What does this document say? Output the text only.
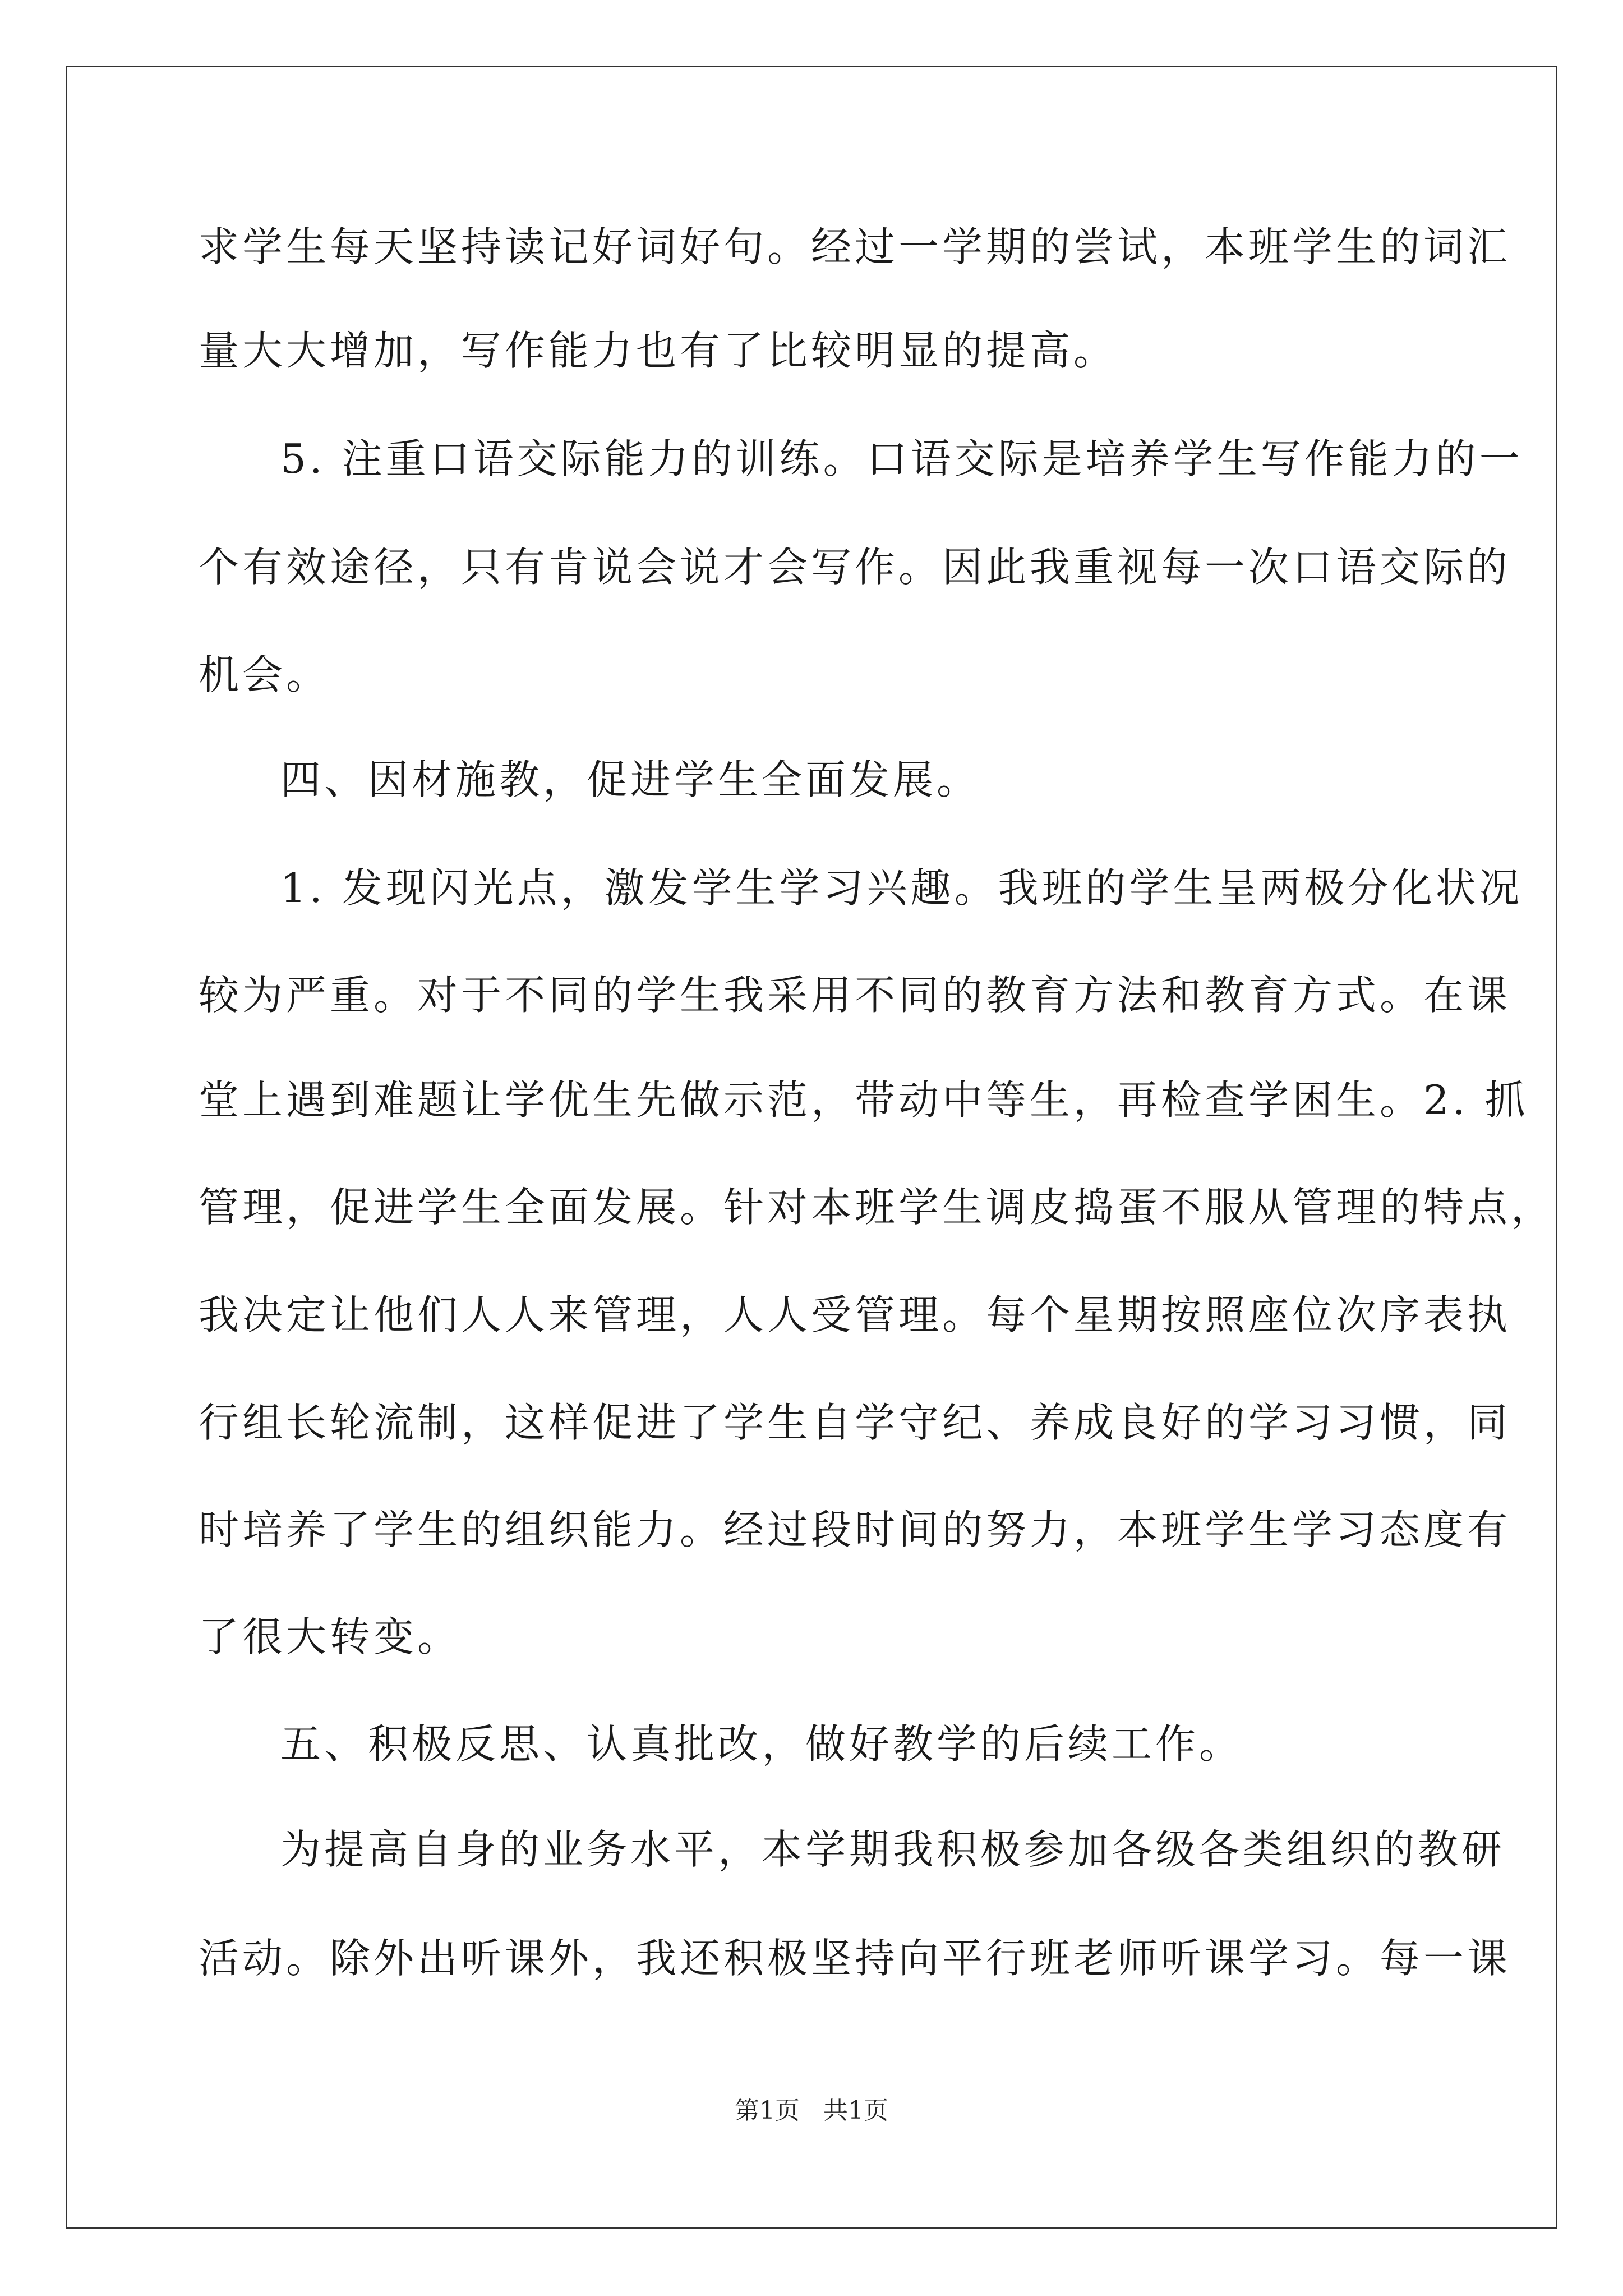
求学生每天坚持读记好词好句。经过一学期的尝试，本班学生的词汇
量大大增加，写作能力也有了比较明显的提高。
5. 注重口语交际能力的训练。口语交际是培养学生写作能力的一
个有效途径，只有肯说会说才会写作。因此我重视每一次口语交际的
机会。
四、因材施教，促进学生全面发展。
1. 发现闪光点，激发学生学习兴趣。我班的学生呈两极分化状况
较为严重。对于不同的学生我采用不同的教育方法和教育方式。在课
堂上遇到难题让学优生先做示范，带动中等生，再检查学困生。2. 抓
管理，促进学生全面发展。针对本班学生调皮捣蛋不服从管理的特点，
我决定让他们人人来管理，人人受管理。每个星期按照座位次序表执
行组长轮流制，这样促进了学生自学守纪、养成良好的学习习惯，同
时培养了学生的组织能力。经过段时间的努力，本班学生学习态度有
了很大转变。
五、积极反思、认真批改，做好教学的后续工作。
为提高自身的业务水平，本学期我积极参加各级各类组织的教研
活动。除外出听课外，我还积极坚持向平行班老师听课学习。每一课
第1页 共1页
